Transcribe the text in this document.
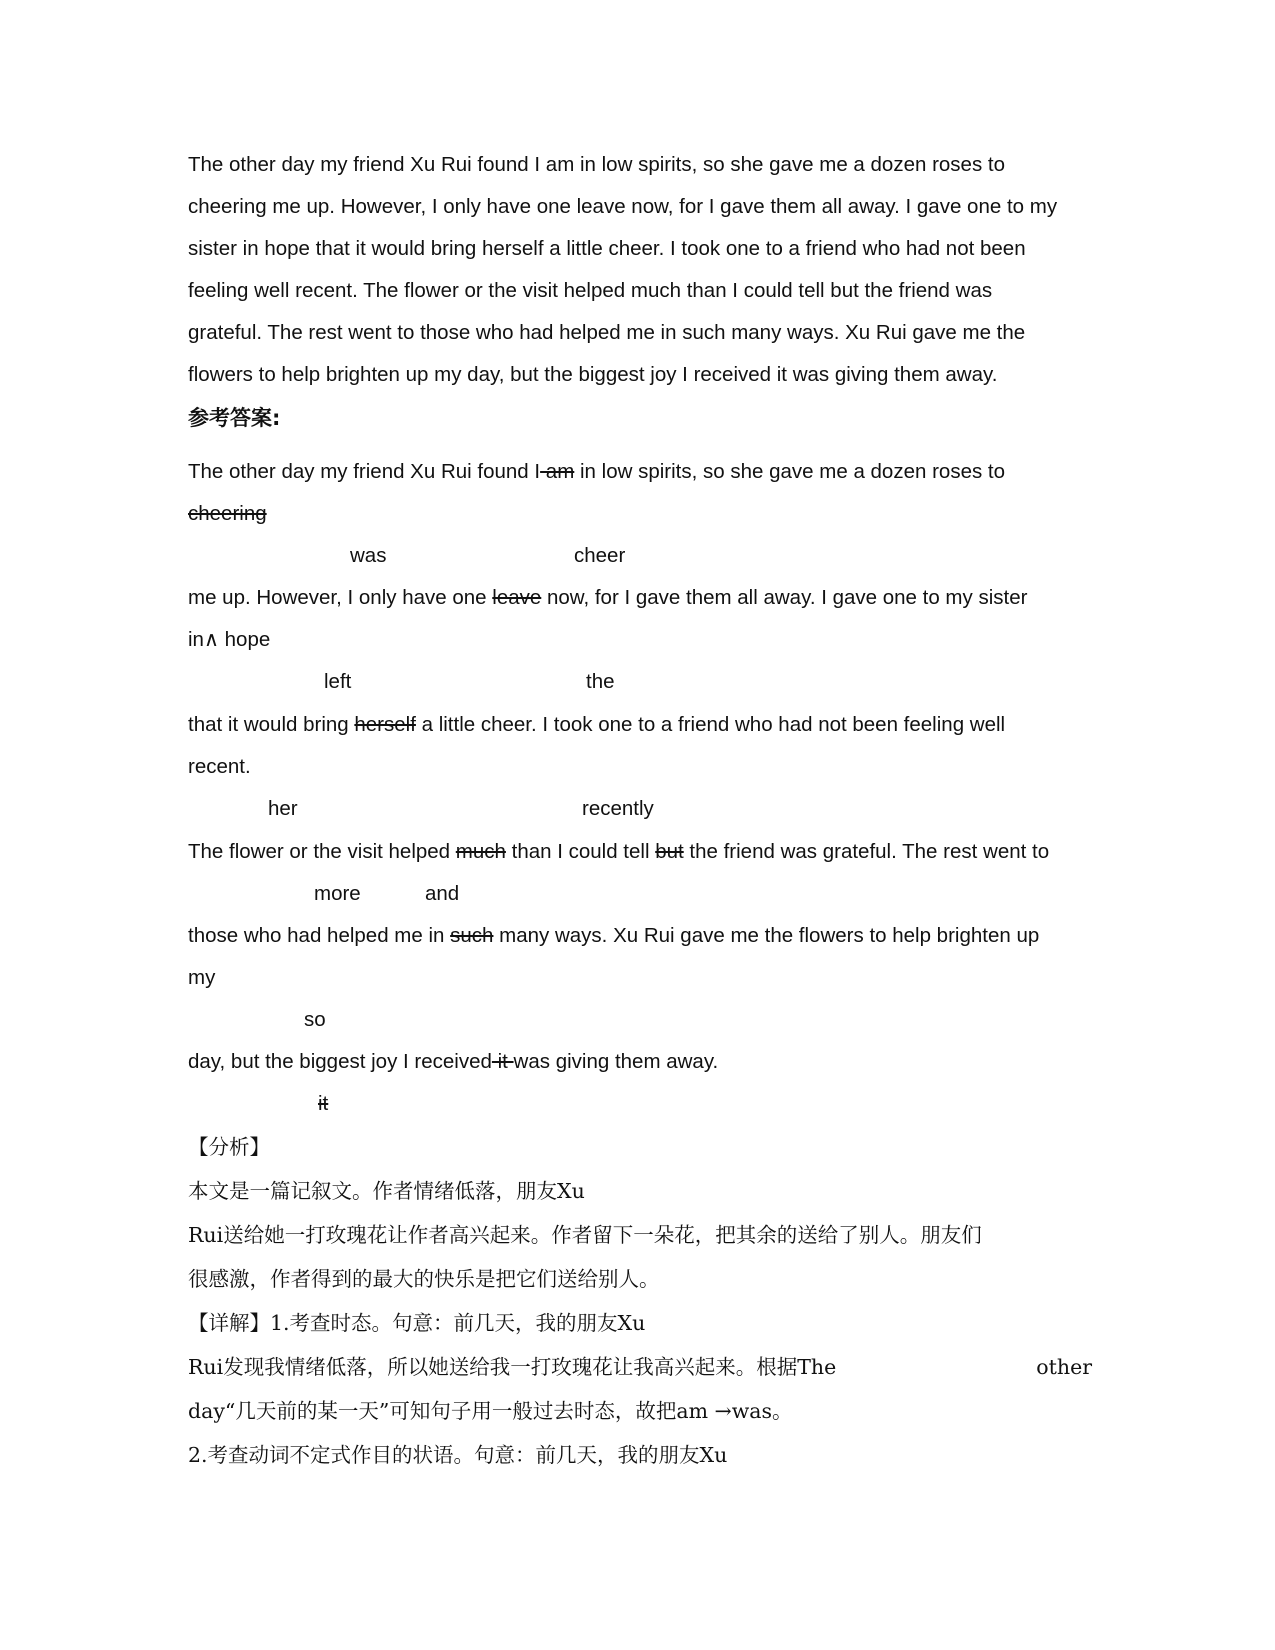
The other day my friend Xu Rui found I am in low spirits, so she gave me a dozen roses to
cheering me up. However, I only have one leave now, for I gave them all away. I gave one to my
sister in hope that it would bring herself a little cheer. I took one to a friend who had not been
feeling well recent. The flower or the visit helped much than I could tell but the friend was
grateful. The rest went to those who had helped me in such many ways. Xu Rui gave me the
flowers to help brighten up my day, but the biggest joy I received it was giving them away.
参考答案:
The other day my friend Xu Rui found I am in low spirits, so she gave me a dozen roses to
cheering
was	cheer
me up. However, I only have one leave now, for I gave them all away. I gave one to my sister
in∧ hope
left	the
that it would bring herself a little cheer. I took one to a friend who had not been feeling well
recent.
her	recently
The flower or the visit helped much than I could tell but the friend was grateful. The rest went to
more	and
those who had helped me in such many ways. Xu Rui gave me the flowers to help brighten up
my
so
day, but the biggest joy I received it was giving them away.
it
【分析】
本文是一篇记叙文。作者情绪低落，朋友Xu
Rui送给她一打玫瑰花让作者高兴起来。作者留下一朵花，把其余的送给了别人。朋友们
很感激，作者得到的最大的快乐是把它们送给别人。
【详解】1.考查时态。句意：前几天，我的朋友Xu
Rui发现我情绪低落，所以她送给我一打玫瑰花让我高兴起来。根据The	other
day“几天前的某一天”可知句子用一般过去时态，故把am →was。
2.考查动词不定式作目的状语。句意：前几天，我的朋友Xu
